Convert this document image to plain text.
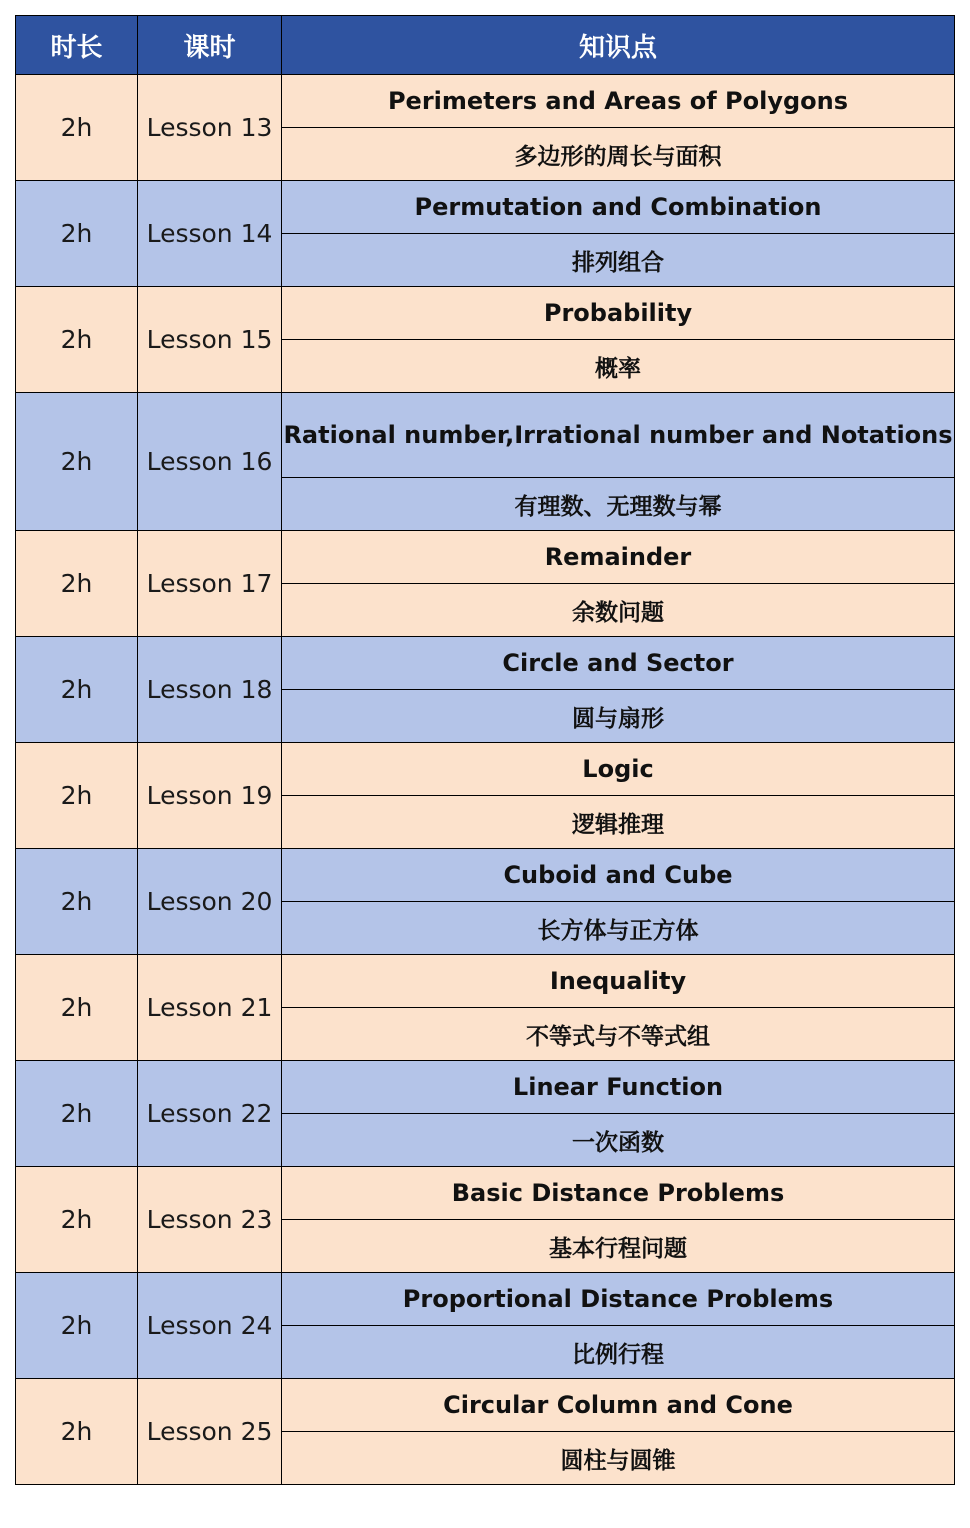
时长	课时	知识点
2h	Lesson 13	Perimeters and Areas of Polygons
		多边形的周长与面积
2h	Lesson 14	Permutation and Combination
		排列组合
2h	Lesson 15	Probability
		概率
2h	Lesson 16	Rational number,Irrational number and Notations
		有理数、无理数与幂
2h	Lesson 17	Remainder
		余数问题
2h	Lesson 18	Circle and Sector
		圆与扇形
2h	Lesson 19	Logic
		逻辑推理
2h	Lesson 20	Cuboid and Cube
		长方体与正方体
2h	Lesson 21	Inequality
		不等式与不等式组
2h	Lesson 22	Linear Function
		一次函数
2h	Lesson 23	Basic Distance Problems
		基本行程问题
2h	Lesson 24	Proportional Distance Problems
		比例行程
2h	Lesson 25	Circular Column and Cone
		圆柱与圆锥
